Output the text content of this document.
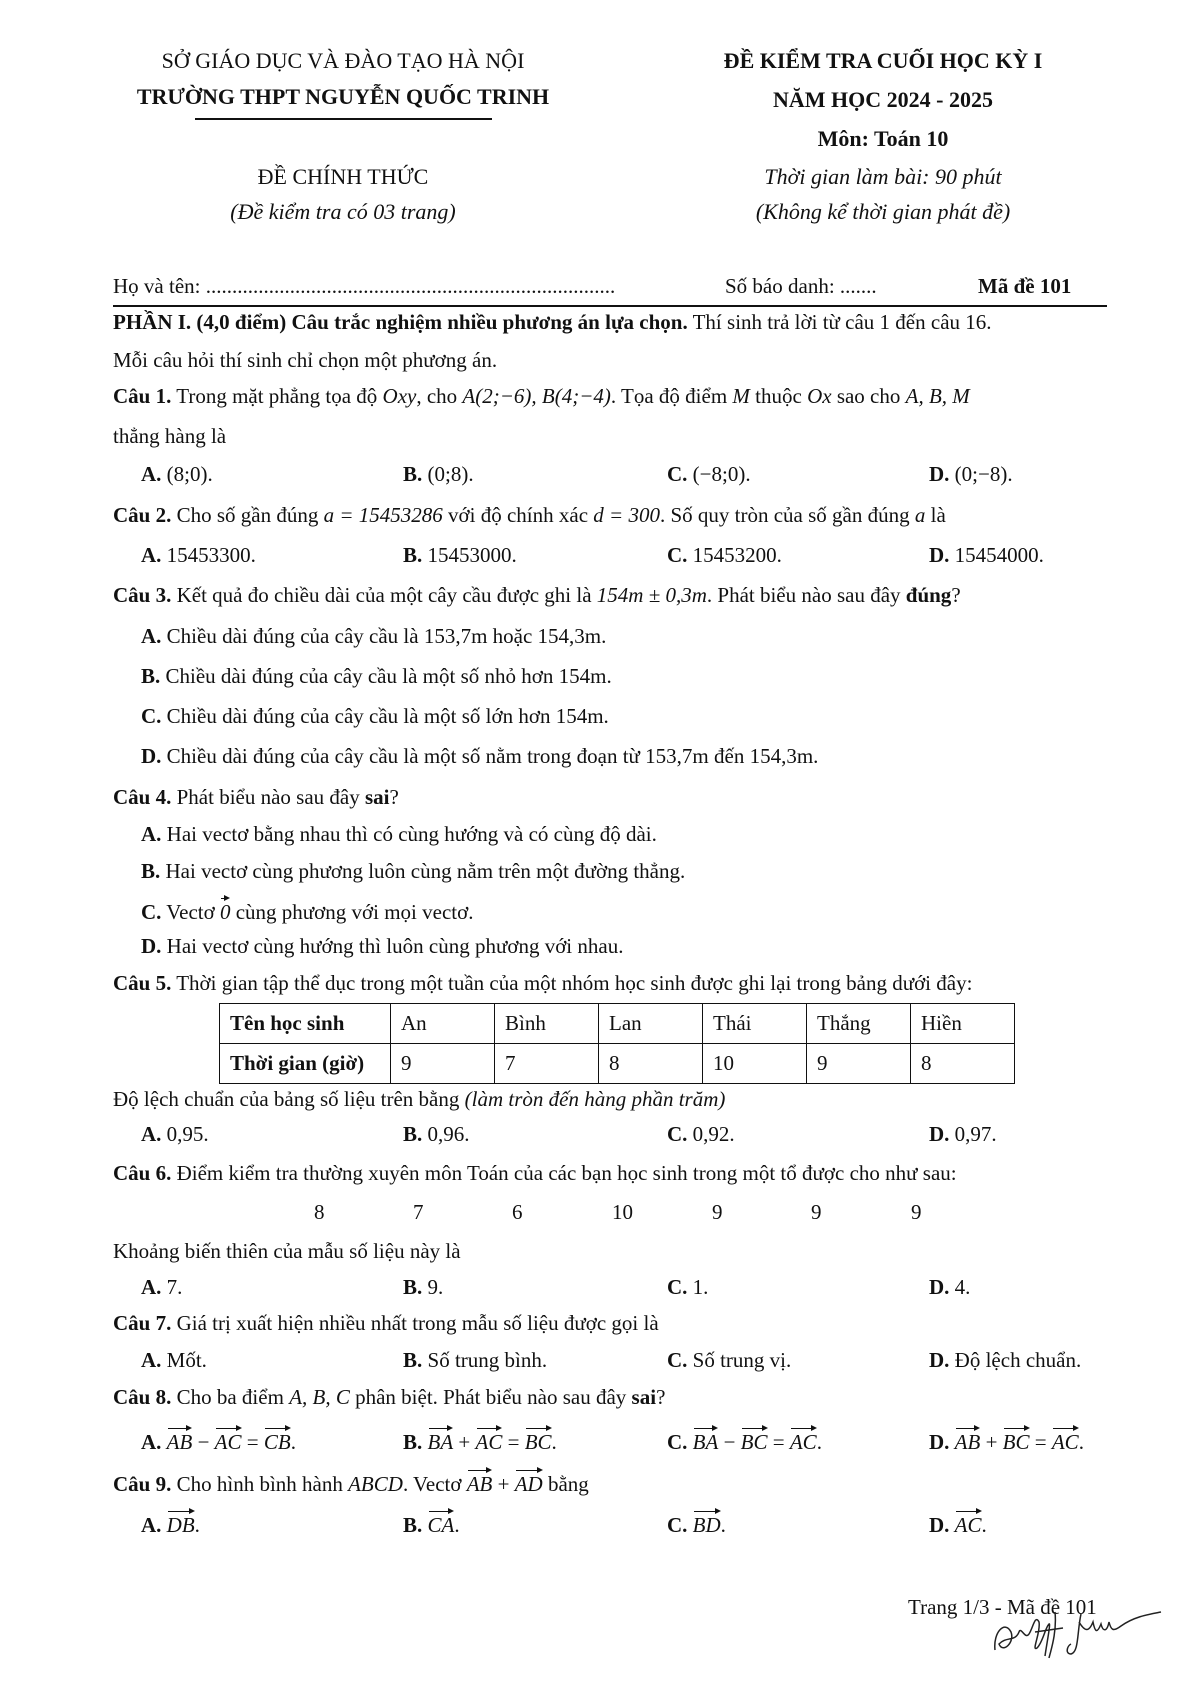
SỞ GIÁO DỤC VÀ ĐÀO TẠO HÀ NỘI
TRƯỜNG THPT NGUYỄN QUỐC TRINH
ĐỀ CHÍNH THỨC
(Đề kiểm tra có 03 trang)
ĐỀ KIỂM TRA CUỐI HỌC KỲ I
NĂM HỌC 2024 - 2025
Môn: Toán 10
Thời gian làm bài: 90 phút
(Không kể thời gian phát đề)
Họ và tên: ..............................................................................	Số báo danh: .......	Mã đề 101
PHẦN I. (4,0 điểm) Câu trắc nghiệm nhiều phương án lựa chọn. Thí sinh trả lời từ câu 1 đến câu 16.
Mỗi câu hỏi thí sinh chỉ chọn một phương án.
Câu 1. Trong mặt phẳng tọa độ Oxy, cho A(2;−6), B(4;−4). Tọa độ điểm M thuộc Ox sao cho A, B, M
thẳng hàng là
A. (8;0).	B. (0;8).	C. (−8;0).	D. (0;−8).
Câu 2. Cho số gần đúng a = 15453286 với độ chính xác d = 300. Số quy tròn của số gần đúng a là
A. 15453300.	B. 15453000.	C. 15453200.	D. 15454000.
Câu 3. Kết quả đo chiều dài của một cây cầu được ghi là 154m ± 0,3m. Phát biểu nào sau đây đúng?
A. Chiều dài đúng của cây cầu là 153,7m hoặc 154,3m.
B. Chiều dài đúng của cây cầu là một số nhỏ hơn 154m.
C. Chiều dài đúng của cây cầu là một số lớn hơn 154m.
D. Chiều dài đúng của cây cầu là một số nằm trong đoạn từ 153,7m đến 154,3m.
Câu 4. Phát biểu nào sau đây sai?
A. Hai vectơ bằng nhau thì có cùng hướng và có cùng độ dài.
B. Hai vectơ cùng phương luôn cùng nằm trên một đường thẳng.
C. Vectơ 0 cùng phương với mọi vectơ.
D. Hai vectơ cùng hướng thì luôn cùng phương với nhau.
Câu 5. Thời gian tập thể dục trong một tuần của một nhóm học sinh được ghi lại trong bảng dưới đây:
Tên học sinh	An	Bình	Lan	Thái	Thắng	Hiền
Thời gian (giờ)	9	7	8	10	9	8
Độ lệch chuẩn của bảng số liệu trên bằng (làm tròn đến hàng phần trăm)
A. 0,95.	B. 0,96.	C. 0,92.	D. 0,97.
Câu 6. Điểm kiểm tra thường xuyên môn Toán của các bạn học sinh trong một tổ được cho như sau:
8	7	6	10	9	9	9
Khoảng biến thiên của mẫu số liệu này là
A. 7.	B. 9.	C. 1.	D. 4.
Câu 7. Giá trị xuất hiện nhiều nhất trong mẫu số liệu được gọi là
A. Mốt.	B. Số trung bình.	C. Số trung vị.	D. Độ lệch chuẩn.
Câu 8. Cho ba điểm A, B, C phân biệt. Phát biểu nào sau đây sai?
A. AB − AC = CB.	B. BA + AC = BC.	C. BA − BC = AC.	D. AB + BC = AC.
Câu 9. Cho hình bình hành ABCD. Vectơ AB + AD bằng
A. DB.	B. CA.	C. BD.	D. AC.
Trang 1/3 - Mã đề 101
